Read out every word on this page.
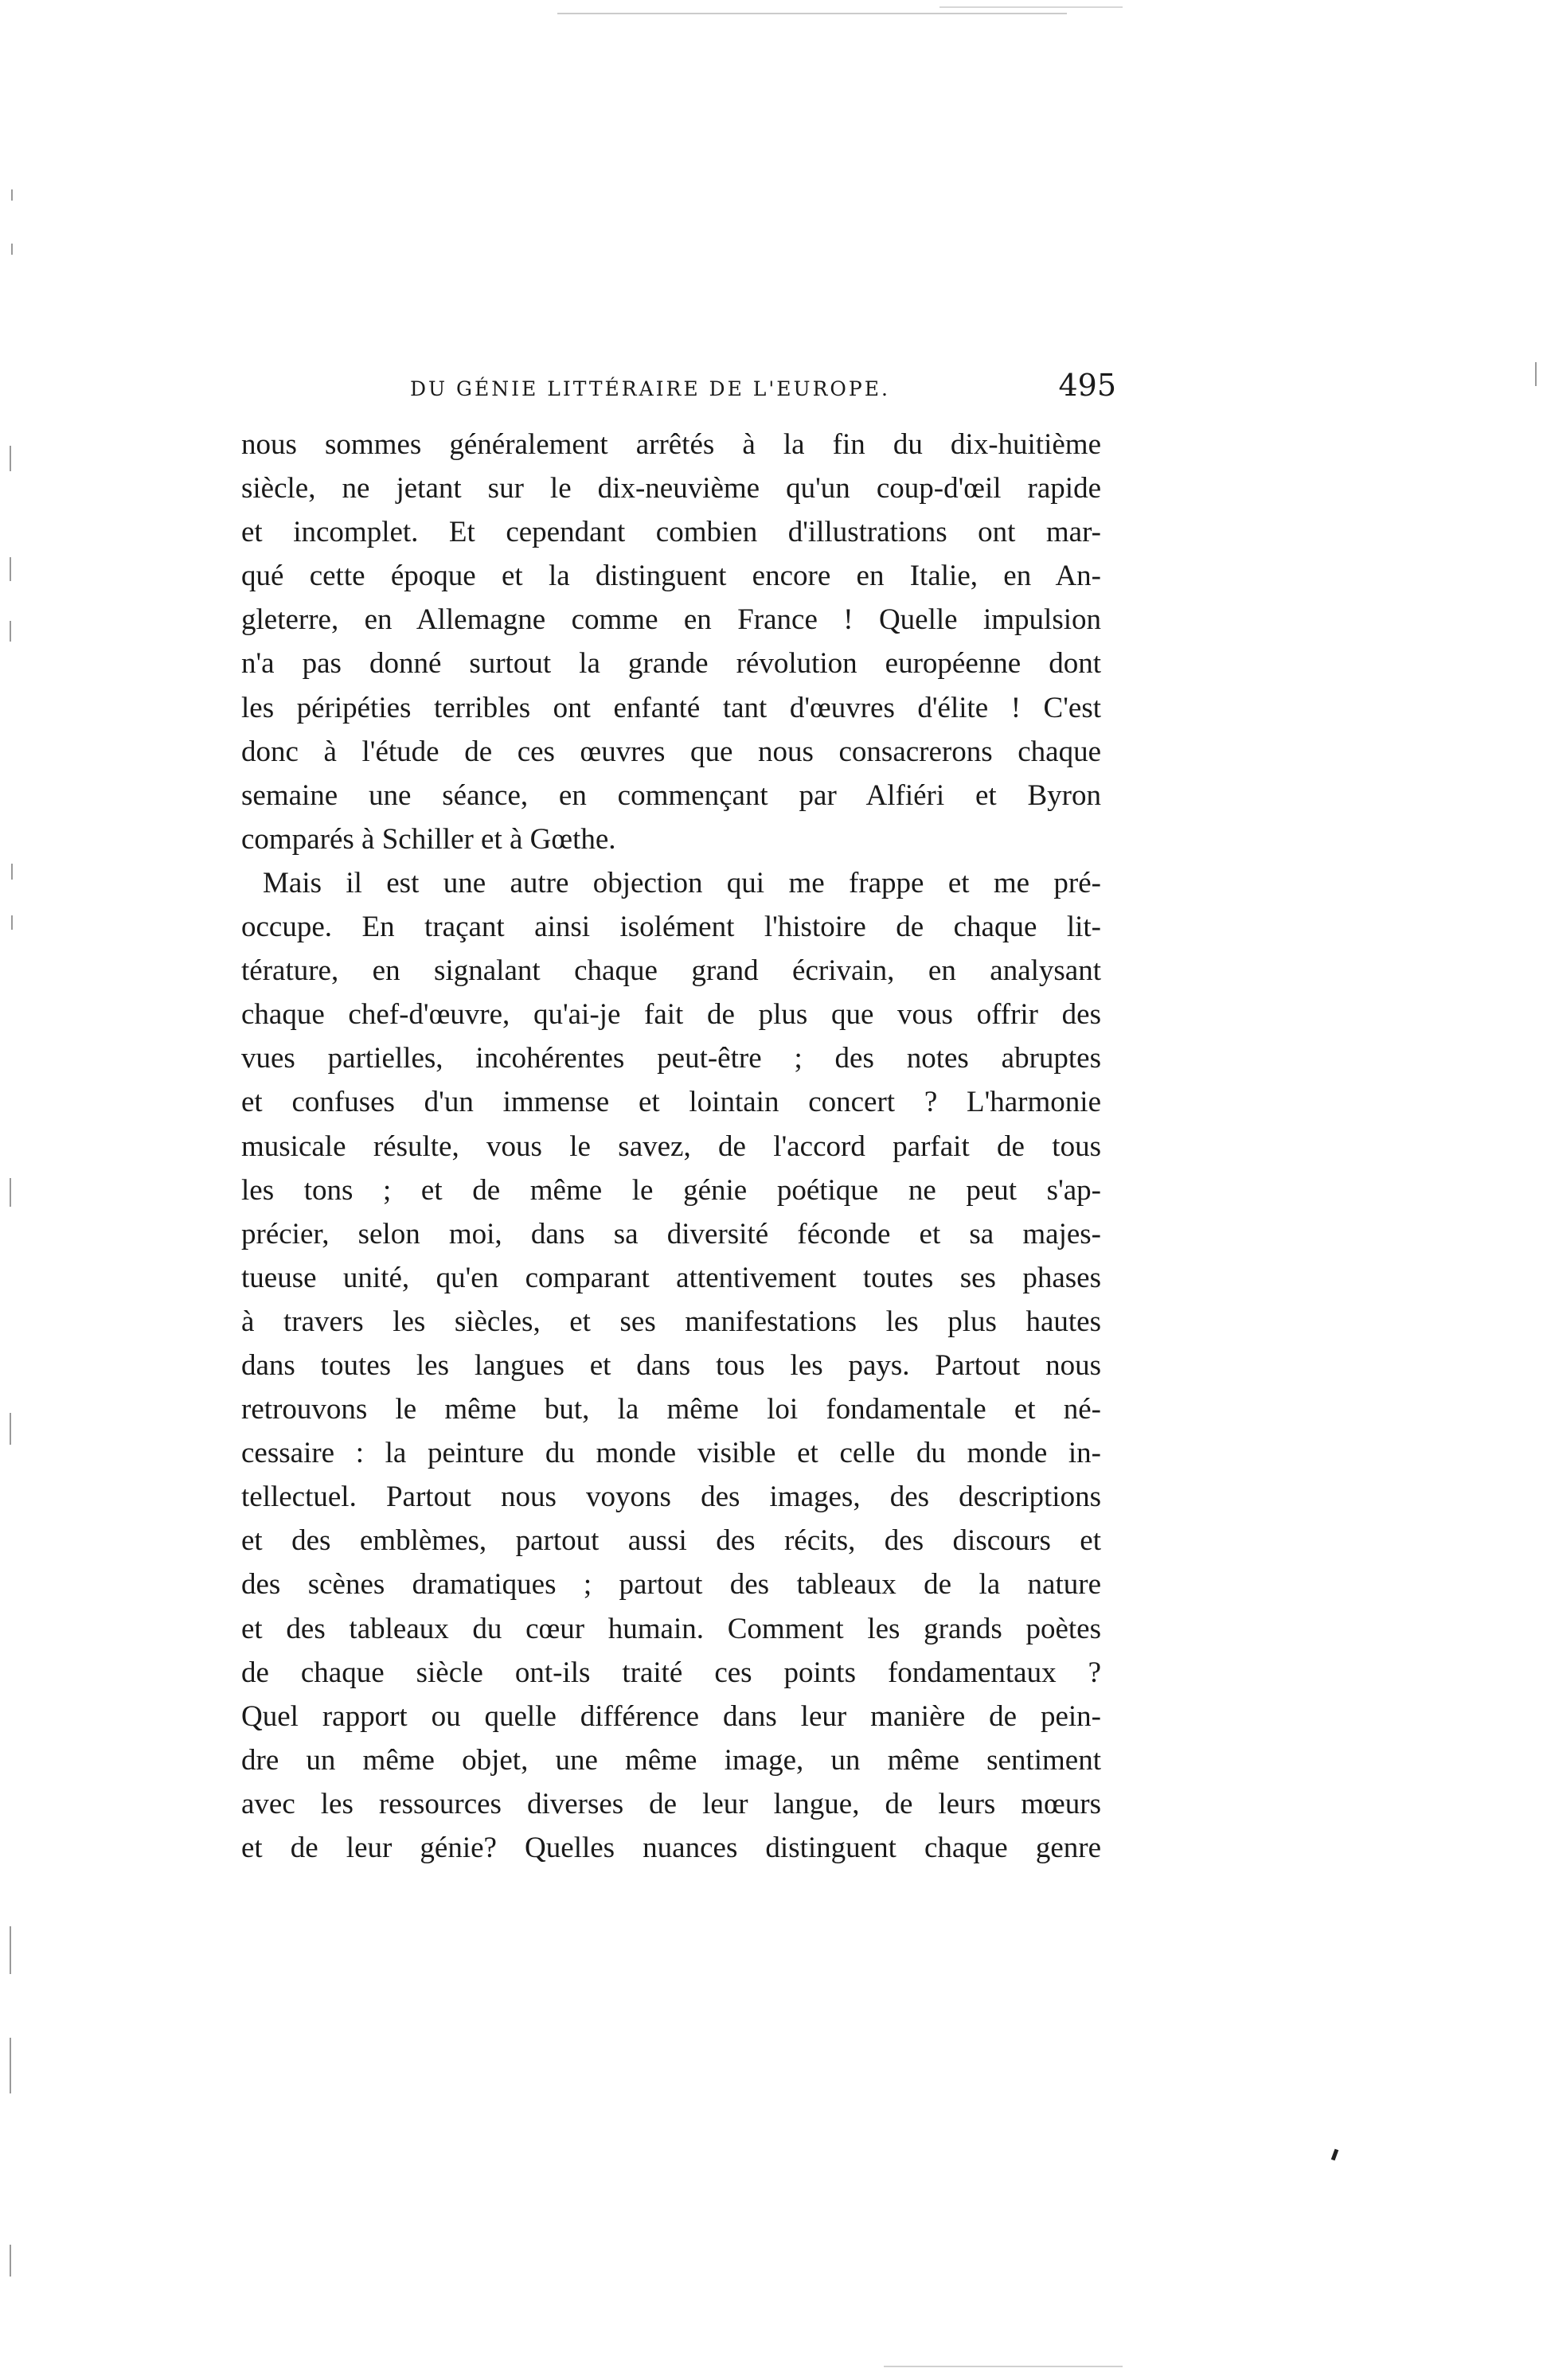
DU GÉNIE LITTÉRAIRE DE L'EUROPE.	495
nous sommes généralement arrêtés à la fin du dix-huitième
siècle, ne jetant sur le dix-neuvième qu'un coup-d'œil rapide
et incomplet. Et cependant combien d'illustrations ont mar-
qué cette époque et la distinguent encore en Italie, en An-
gleterre, en Allemagne comme en France ! Quelle impulsion
n'a pas donné surtout la grande révolution européenne dont
les péripéties terribles ont enfanté tant d'œuvres d'élite ! C'est
donc à l'étude de ces œuvres que nous consacrerons chaque
semaine une séance, en commençant par Alfiéri et Byron
comparés à Schiller et à Gœthe.
Mais il est une autre objection qui me frappe et me pré-
occupe. En traçant ainsi isolément l'histoire de chaque lit-
térature, en signalant chaque grand écrivain, en analysant
chaque chef-d'œuvre, qu'ai-je fait de plus que vous offrir des
vues partielles, incohérentes peut-être ; des notes abruptes
et confuses d'un immense et lointain concert ? L'harmonie
musicale résulte, vous le savez, de l'accord parfait de tous
les tons ; et de même le génie poétique ne peut s'ap-
précier, selon moi, dans sa diversité féconde et sa majes-
tueuse unité, qu'en comparant attentivement toutes ses phases
à travers les siècles, et ses manifestations les plus hautes
dans toutes les langues et dans tous les pays. Partout nous
retrouvons le même but, la même loi fondamentale et né-
cessaire : la peinture du monde visible et celle du monde in-
tellectuel. Partout nous voyons des images, des descriptions
et des emblèmes, partout aussi des récits, des discours et
des scènes dramatiques ; partout des tableaux de la nature
et des tableaux du cœur humain. Comment les grands poètes
de chaque siècle ont-ils traité ces points fondamentaux ?
Quel rapport ou quelle différence dans leur manière de pein-
dre un même objet, une même image, un même sentiment
avec les ressources diverses de leur langue, de leurs mœurs
et de leur génie? Quelles nuances distinguent chaque genre
